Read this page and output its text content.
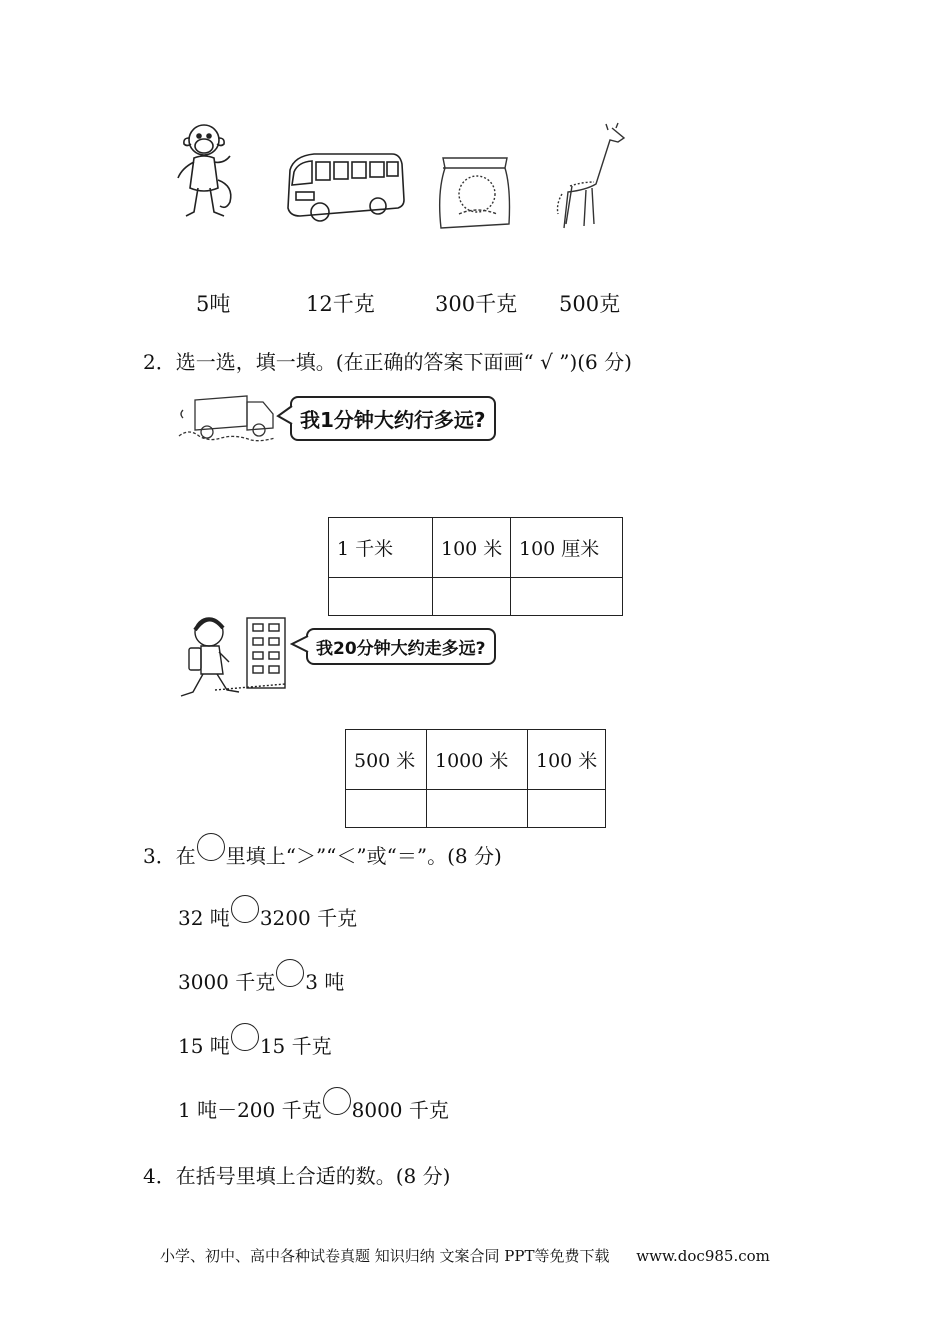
5吨	12千克	300千克 500克
2．选一选，填一填。(在正确的答案下面画“ √ ”)(6 分)
我1分钟大约行多远?
1 千米	100 米	100 厘米

我20分钟大约走多远?
500 米	1000 米	100 米

3． 在 里填上“＞”“＜”或“＝”。(8 分)
32 吨 3200 千克
3000 千克 3 吨
15 吨 15 千克
1 吨－200 千克 8000 千克
4．在括号里填上合适的数。(8 分)
小学、初中、高中各种试卷真题 知识归纳 文案合同 PPT等免费下载 www.doc985.com
